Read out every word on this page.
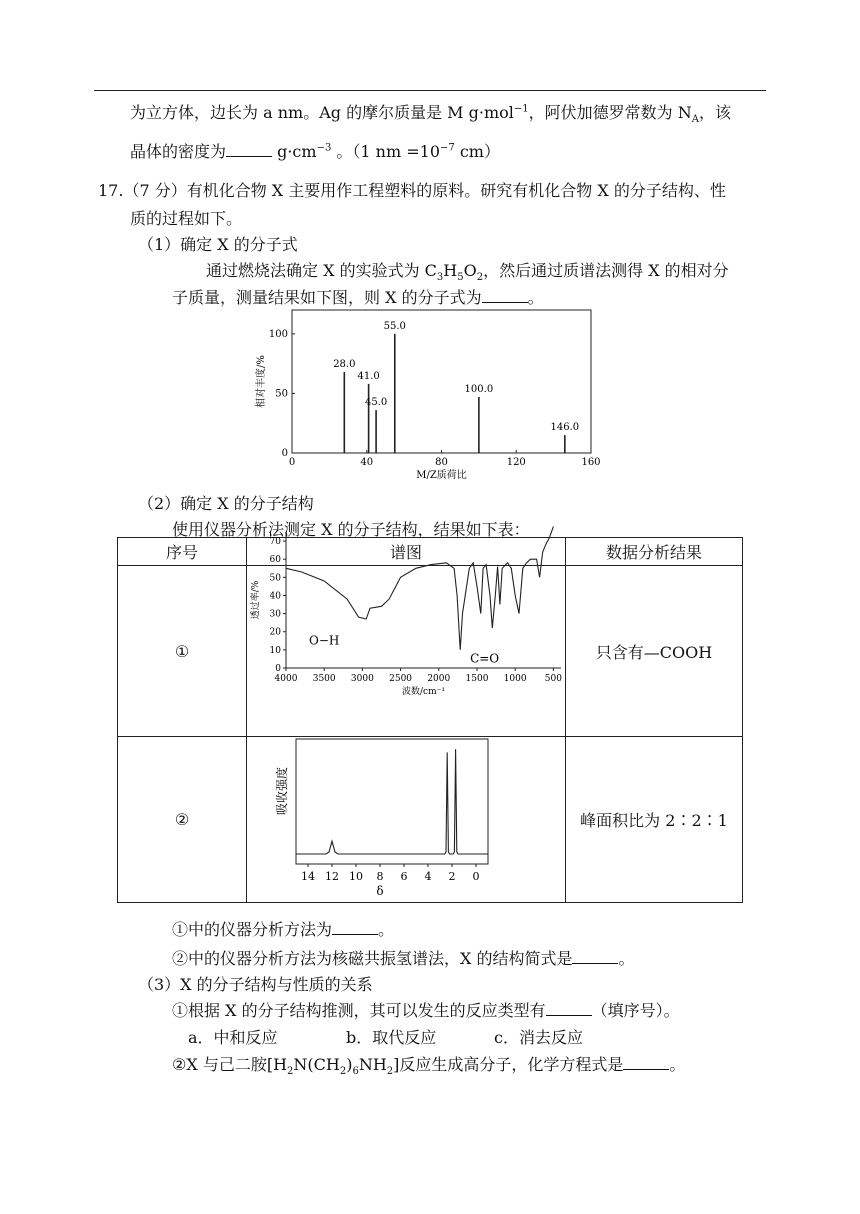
为立方体，边长为 a nm。Ag 的摩尔质量是 M g·mol$^{-1}$，阿伏加德罗常数为 $N_A$，该
晶体的密度为	$g\cdot cm^{-3}$ 。（1 nm $=10^{-7}$ cm）
17.（7 分）有机化合物 X 主要用作工程塑料的原料。研究有机化合物 X 的分子结构、性
质的过程如下。
（1）确定 X 的分子式
通过燃烧法确定 X 的实验式为 $C_3H_5O_2$，然后通过质谱法测得 X 的相对分
子质量，测量结果如下图，则 X 的分子式为	。
0	40	80	120	160
0
50
100
28.0
41.0
45.0
55.0
100.0
146.0
M/Z质荷比
相对丰度/%
（2）确定 X 的分子结构
使用仪器分析法测定 X 的分子结构，结果如下表：
序号	谱图	数据分析结果
①		只含有—COOH
②		峰面积比为 2∶2∶1
4000 3500 3000 2500 2000 1500 1000 500
0
10
20
30
40
50
60
70
O−H
C=O
波数/cm⁻¹
透过率/%
14 12 10 8 6 4 2 0
δ
吸收强度
①中的仪器分析方法为	。
②中的仪器分析方法为核磁共振氢谱法，X 的结构简式是	。
（3）X 的分子结构与性质的关系
①根据 X 的分子结构推测，其可以发生的反应类型有	（填序号）。
a．中和反应	b．取代反应	c．消去反应
②X 与己二胺$[H_2N(CH_2)_6NH_2]$反应生成高分子，化学方程式是	。
